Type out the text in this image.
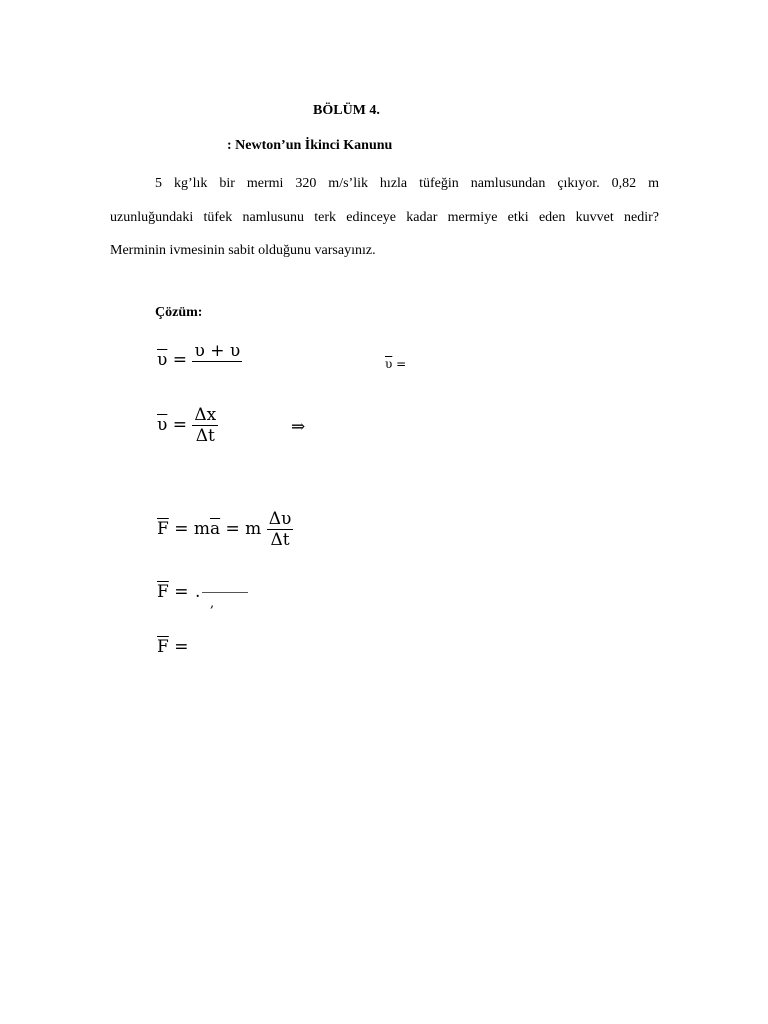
BÖLÜM 4.
: Newton’un İkinci Kanunu
5 kg’lık bir mermi 320 m/s’lik hızla tüfeğin namlusundan çıkıyor. 0,82 m
uzunluğundaki tüfek namlusunu terk edinceye kadar mermiye etki eden kuvvet nedir?
Merminin ivmesinin sabit olduğunu varsayınız.
Çözüm:
$\overline{\upsilon} = \upsilon + \upsilon$
$\overline{\upsilon}$ =
$\overline{\upsilon} = \frac{\Delta x}{\Delta t}$	⇒
$\overline{F} = m\overline{a} = m \frac{\Delta\upsilon}{\Delta t}$
$\overline{F}$ = .
,
$\overline{F}$ =
